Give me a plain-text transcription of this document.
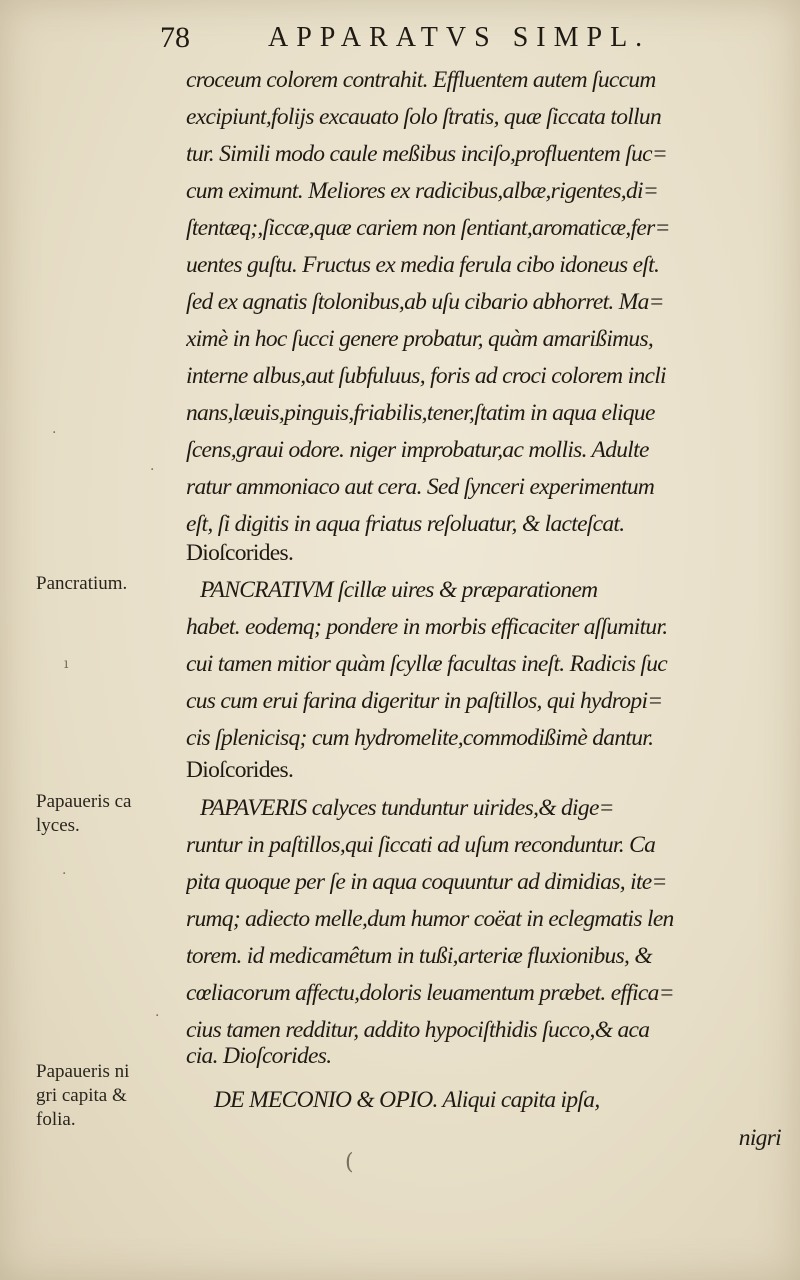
78	APPARATVS SIMPL.
croceum colorem contrahit. Effluentem autem ſuccum
excipiunt,folijs excauato ſolo ſtratis, quæ ſiccata tollun
tur. Simili modo caule meßibus inciſo,profluentem ſuc=
cum eximunt. Meliores ex radicibus,albæ,rigentes,di=
ſtentæq;,ſiccæ,quæ cariem non ſentiant,aromaticæ,fer=
uentes guſtu. Fructus ex media ferula cibo idoneus eſt.
ſed ex agnatis ſtolonibus,ab uſu cibario abhorret. Ma=
ximè in hoc ſucci genere probatur, quàm amarißimus,
interne albus,aut ſubfuluus, foris ad croci colorem incli
nans,læuis,pinguis,friabilis,tener,ſtatim in aqua elique
ſcens,graui odore. niger improbatur,ac mollis. Adulte
ratur ammoniaco aut cera. Sed ſynceri experimentum
eſt, ſi digitis in aqua friatus reſoluatur, & lacteſcat.
Dioſcorides.
PANCRATIVM ſcillæ uires & præparationem
habet. eodemq; pondere in morbis efficaciter aſſumitur.
cui tamen mitior quàm ſcyllæ facultas ineſt. Radicis ſuc
cus cum erui farina digeritur in paſtillos, qui hydropi=
cis ſplenicisq; cum hydromelite,commodißimè dantur.
Dioſcorides.
PAPAVERIS calyces tunduntur uirides,& dige=
runtur in paſtillos,qui ſiccati ad uſum reconduntur. Ca
pita quoque per ſe in aqua coquuntur ad dimidias, ite=
rumq; adiecto melle,dum humor coëat in eclegmatis len
torem. id medicamêtum in tußi,arteriæ fluxionibus, &
cœliacorum affectu,doloris leuamentum præbet. effica=
cius tamen redditur, addito hypociſthidis ſucco,& aca
cia. Dioſcorides.
DE MECONIO & OPIO. Aliqui capita ipſa,
nigri
Pancratium.
Papaueris ca
lyces.
Papaueris ni
gri capita &
folia.
·
·
ı
·
·
(
